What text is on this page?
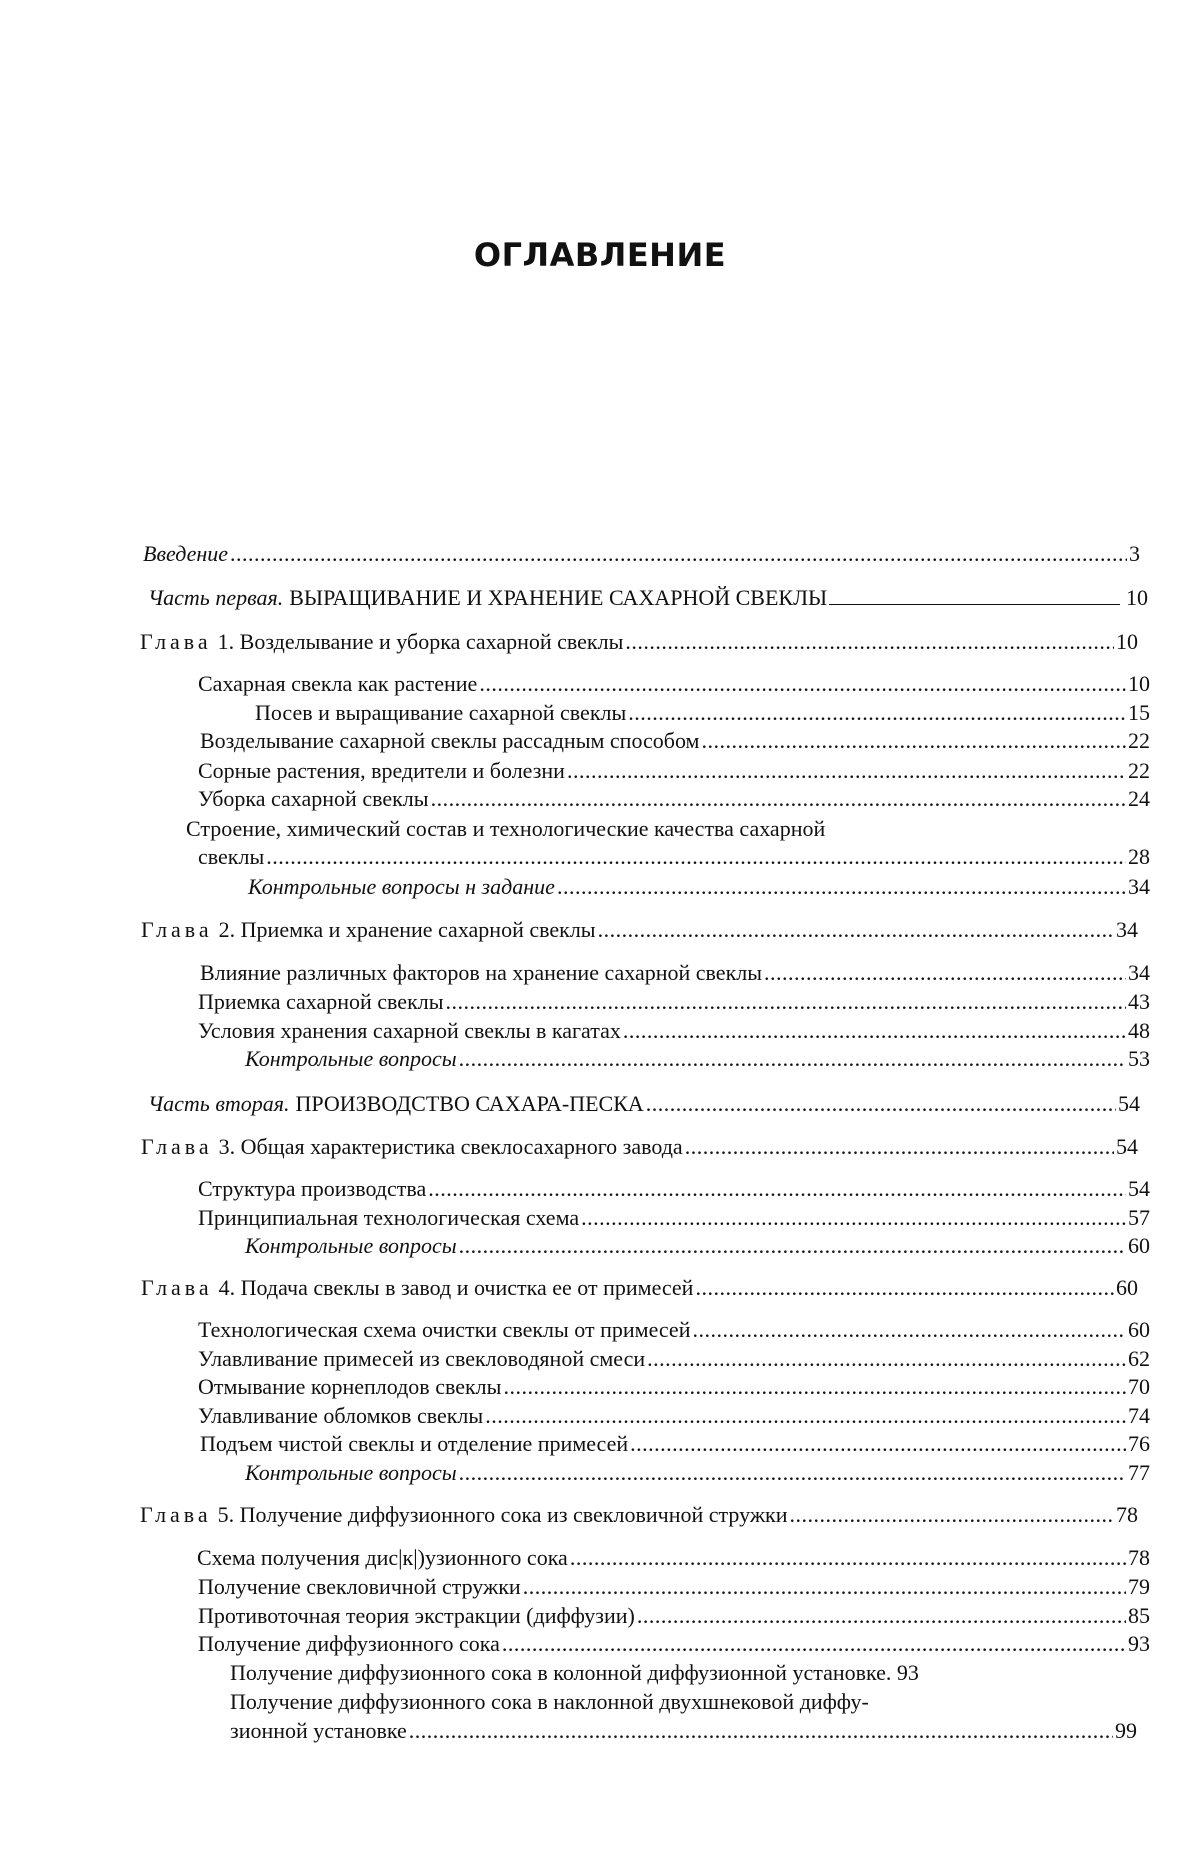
ОГЛАВЛЕНИЕ
Введение .....	3
Часть первая. ВЫРАЩИВАНИЕ И ХРАНЕНИЕ САХАРНОЙ СВЕКЛЫ	10
Глава 1. Возделывание и уборка сахарной свеклы .....	10
Сахарная свекла как растение .....	10
Посев и выращивание сахарной свеклы .....	15
Возделывание сахарной свеклы рассадным способом .....	22
Сорные растения, вредители и болезни .....	22
Уборка сахарной свеклы .....	24
Строение, химический состав и технологические качества сахарной
свеклы .....	28
Контрольные вопросы н задание .....	34
Глава 2. Приемка и хранение сахарной свеклы .....	34
Влияние различных факторов на хранение сахарной свеклы .....	34
Приемка сахарной свеклы .....	43
Условия хранения сахарной свеклы в кагатах .....	48
Контрольные вопросы .....	53
Часть вторая. ПРОИЗВОДСТВО САХАРА-ПЕСКА .....	54
Глава 3. Общая характеристика свеклосахарного завода .....	54
Структура производства .....	54
Принципиальная технологическая схема .....	57
Контрольные вопросы .....	60
Глава 4. Подача свеклы в завод и очистка ее от примесей .....	60
Технологическая схема очистки свеклы от примесей .....	60
Улавливание примесей из свекловодяной смеси .....	62
Отмывание корнеплодов свеклы .....	70
Улавливание обломков свеклы .....	74
Подъем чистой свеклы и отделение примесей .....	76
Контрольные вопросы .....	77
Глава 5. Получение диффузионного сока из свекловичной стружки .....	78
Схема получения дис|к|)узионного сока .....	78
Получение свекловичной стружки .....	79
Противоточная теория экстракции (диффузии) .....	85
Получение диффузионного сока .....	93
Получение диффузионного сока в колонной диффузионной установке. 93
Получение диффузионного сока в наклонной двухшнековой диффу-
зионной установке .....	99
